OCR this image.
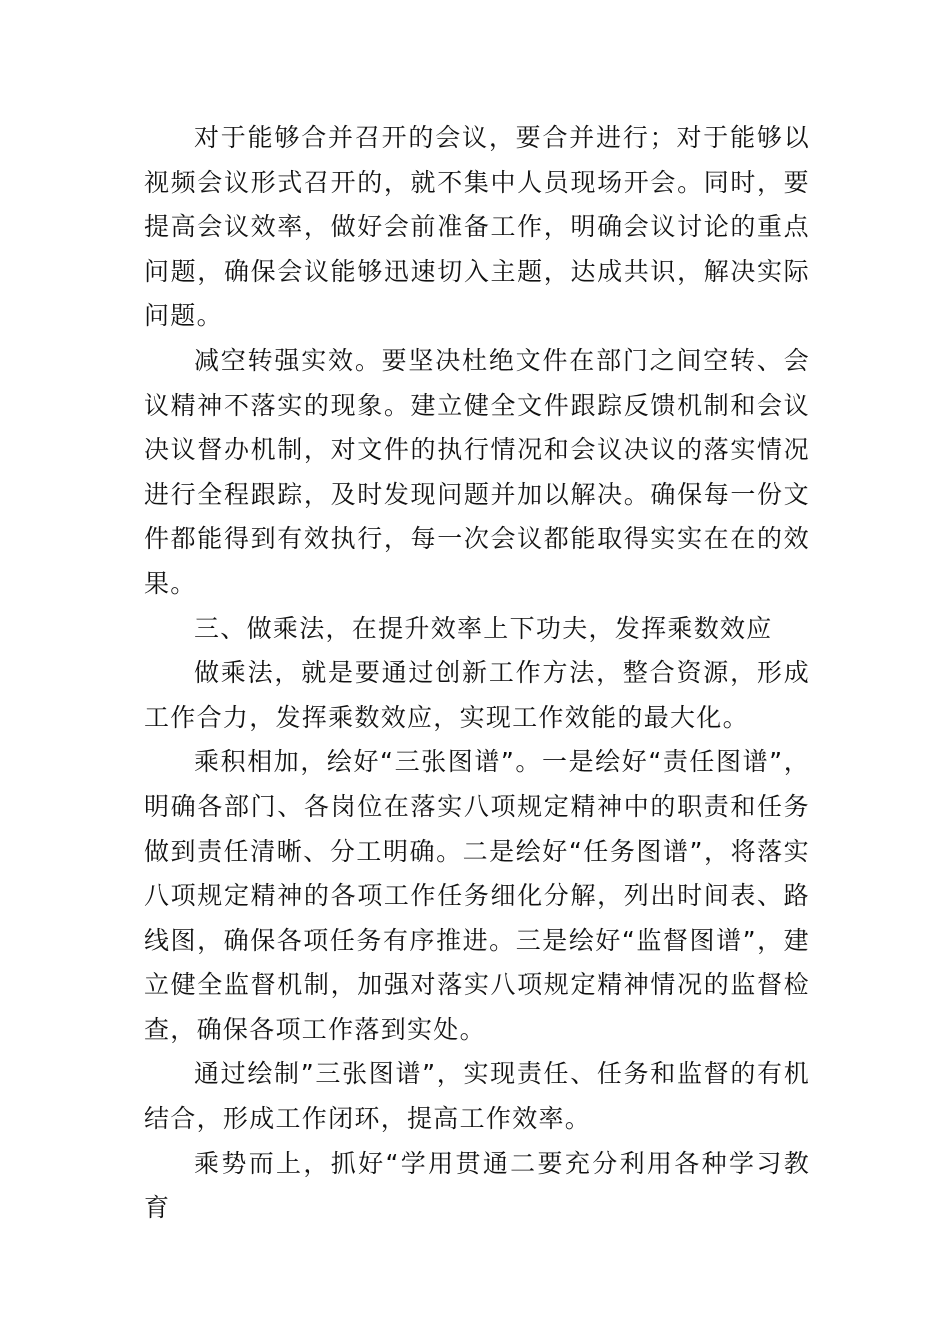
对于能够合并召开的会议，要合并进行；对于能够以视频会议形式召开的，就不集中人员现场开会。同时，要提高会议效率，做好会前准备工作，明确会议讨论的重点问题，确保会议能够迅速切入主题，达成共识，解决实际问题。

减空转强实效。要坚决杜绝文件在部门之间空转、会议精神不落实的现象。建立健全文件跟踪反馈机制和会议决议督办机制，对文件的执行情况和会议决议的落实情况进行全程跟踪，及时发现问题并加以解决。确保每一份文件都能得到有效执行，每一次会议都能取得实实在在的效果。

三、做乘法，在提升效率上下功夫，发挥乘数效应

做乘法，就是要通过创新工作方法，整合资源，形成工作合力，发挥乘数效应，实现工作效能的最大化。

乘积相加，绘好“三张图谱”。一是绘好“责任图谱”，明确各部门、各岗位在落实八项规定精神中的职责和任务做到责任清晰、分工明确。二是绘好“任务图谱”，将落实八项规定精神的各项工作任务细化分解，列出时间表、路线图，确保各项任务有序推进。三是绘好“监督图谱”，建立健全监督机制，加强对落实八项规定精神情况的监督检查，确保各项工作落到实处。

通过绘制”三张图谱”，实现责任、任务和监督的有机结合，形成工作闭环，提高工作效率。

乘势而上，抓好“学用贯通二要充分利用各种学习教育
